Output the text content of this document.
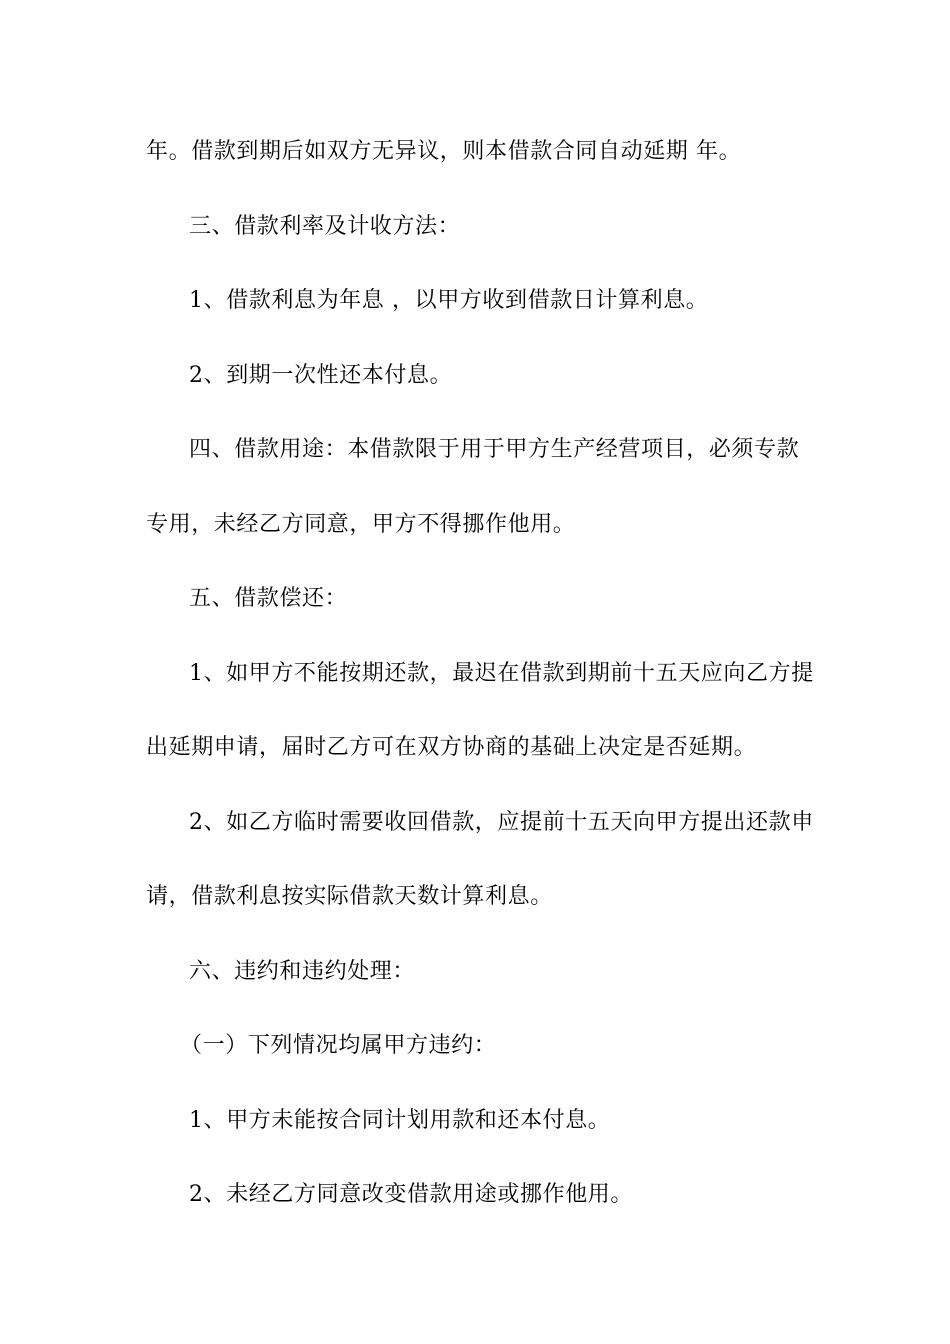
年。借款到期后如双方无异议，则本借款合同自动延期 年。
三、借款利率及计收方法：
1、借款利息为年息 ，以甲方收到借款日计算利息。
2、到期一次性还本付息。
四、借款用途：本借款限于用于甲方生产经营项目，必须专款
专用，未经乙方同意，甲方不得挪作他用。
五、借款偿还：
1、如甲方不能按期还款，最迟在借款到期前十五天应向乙方提
出延期申请，届时乙方可在双方协商的基础上决定是否延期。
2、如乙方临时需要收回借款，应提前十五天向甲方提出还款申
请，借款利息按实际借款天数计算利息。
六、违约和违约处理：
（一）下列情况均属甲方违约：
1、甲方未能按合同计划用款和还本付息。
2、未经乙方同意改变借款用途或挪作他用。
